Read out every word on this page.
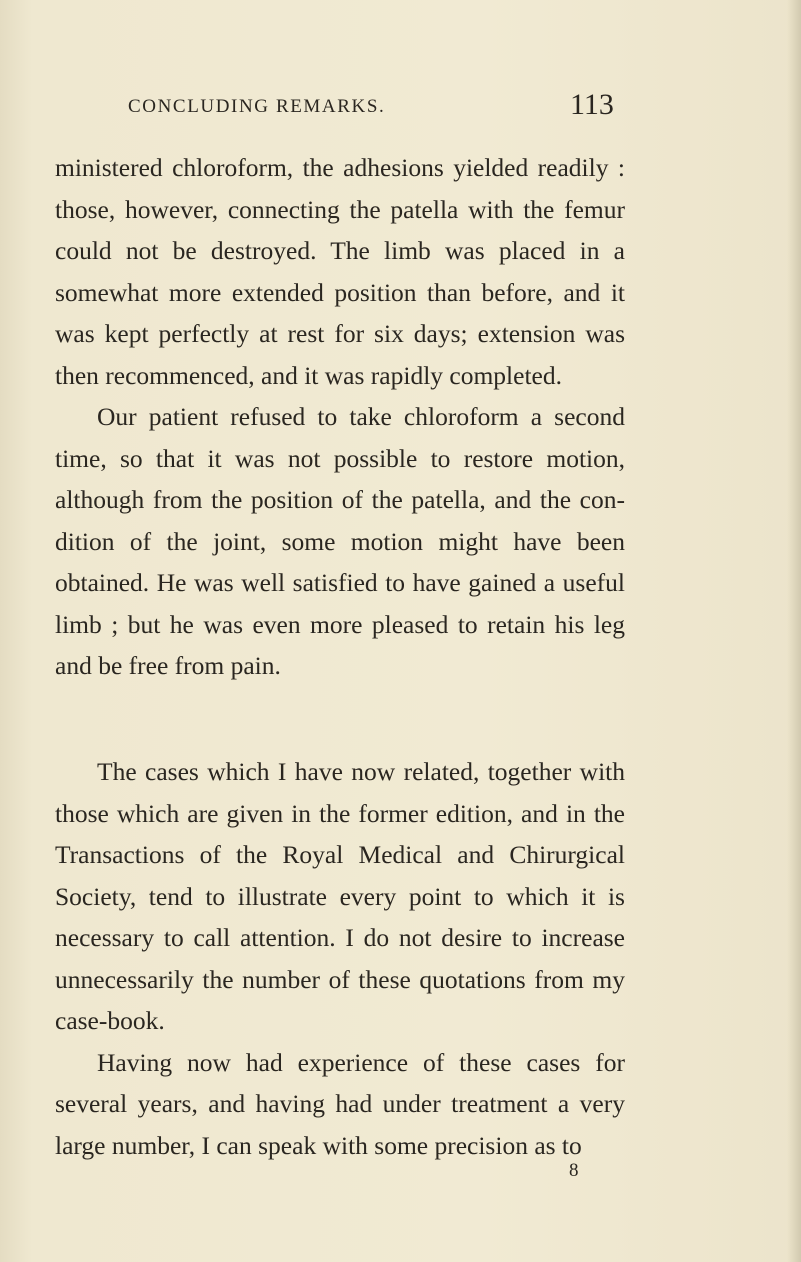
CONCLUDING REMARKS.	113

ministered chloroform, the adhesions yielded readily : those, however, connecting the patella with the femur could not be destroyed. The limb was placed in a somewhat more extended position than before, and it was kept perfectly at rest for six days; extension was then recommenced, and it was rapidly completed.

Our patient refused to take chloroform a second time, so that it was not possible to restore motion, although from the position of the patella, and the condition of the joint, some motion might have been obtained. He was well satisfied to have gained a useful limb ; but he was even more pleased to retain his leg and be free from pain.

The cases which I have now related, together with those which are given in the former edition, and in the Transactions of the Royal Medical and Chirurgical Society, tend to illustrate every point to which it is necessary to call attention. I do not desire to increase unnecessarily the number of these quotations from my case-book.

Having now had experience of these cases for several years, and having had under treatment a very large number, I can speak with some precision as to

8
